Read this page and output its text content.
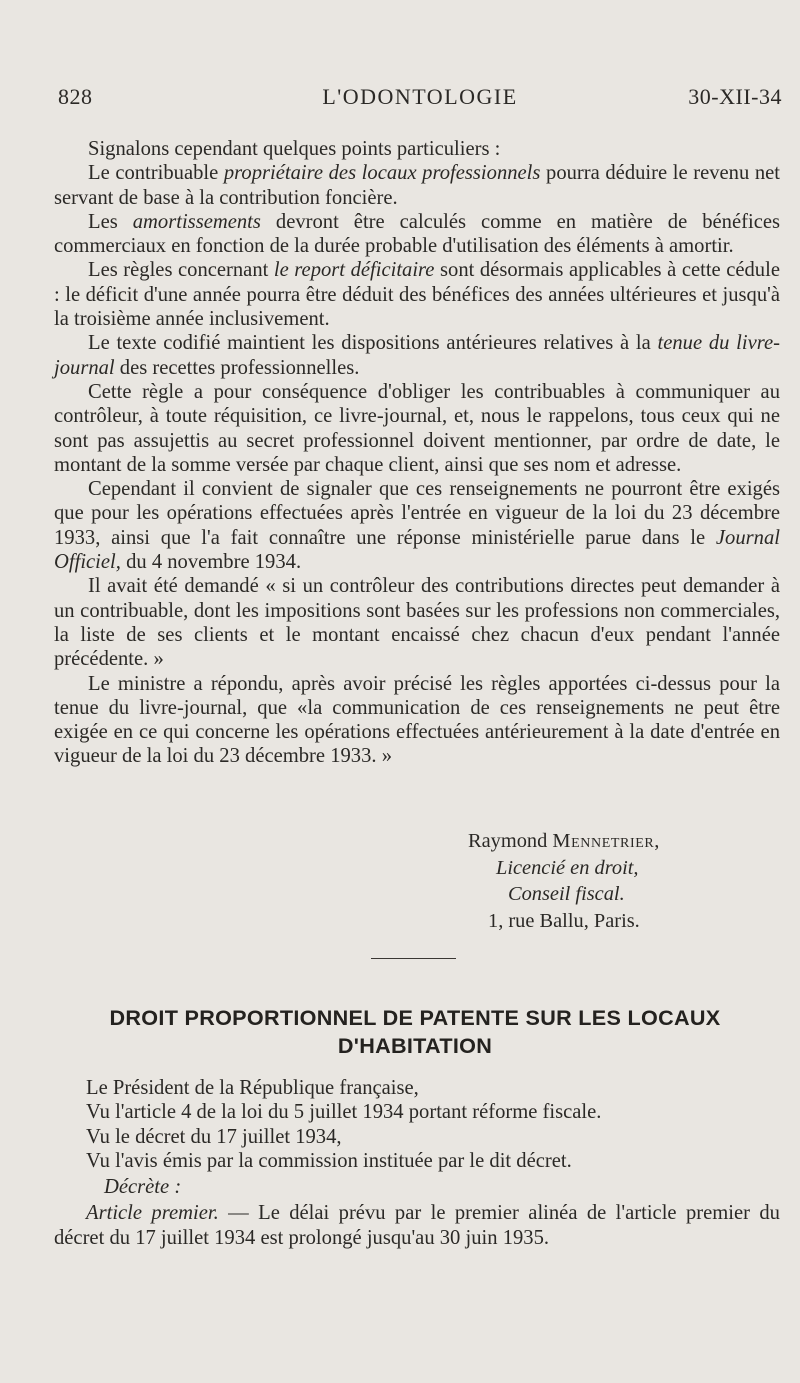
828	L'ODONTOLOGIE	30-XII-34

Signalons cependant quelques points particuliers :

Le contribuable propriétaire des locaux professionnels pourra déduire le revenu net servant de base à la contribution foncière.

Les amortissements devront être calculés comme en matière de bénéfices commerciaux en fonction de la durée probable d'utilisation des éléments à amortir.

Les règles concernant le report déficitaire sont désormais applicables à cette cédule : le déficit d'une année pourra être déduit des bénéfices des années ultérieures et jusqu'à la troisième année inclusivement.

Le texte codifié maintient les dispositions antérieures relatives à la tenue du livre-journal des recettes professionnelles.

Cette règle a pour conséquence d'obliger les contribuables à communiquer au contrôleur, à toute réquisition, ce livre-journal, et, nous le rappelons, tous ceux qui ne sont pas assujettis au secret professionnel doivent mentionner, par ordre de date, le montant de la somme versée par chaque client, ainsi que ses nom et adresse.

Cependant il convient de signaler que ces renseignements ne pourront être exigés que pour les opérations effectuées après l'entrée en vigueur de la loi du 23 décembre 1933, ainsi que l'a fait connaître une réponse ministérielle parue dans le Journal Officiel, du 4 novembre 1934.

Il avait été demandé « si un contrôleur des contributions directes peut demander à un contribuable, dont les impositions sont basées sur les professions non commerciales, la liste de ses clients et le montant encaissé chez chacun d'eux pendant l'année précédente. »

Le ministre a répondu, après avoir précisé les règles apportées ci-dessus pour la tenue du livre-journal, que «la communication de ces renseignements ne peut être exigée en ce qui concerne les opérations effectuées antérieurement à la date d'entrée en vigueur de la loi du 23 décembre 1933. »

Raymond Mennetrier,
Licencié en droit,
Conseil fiscal.
1, rue Ballu, Paris.
DROIT PROPORTIONNEL DE PATENTE SUR LES LOCAUX
D'HABITATION

Le Président de la République française,

Vu l'article 4 de la loi du 5 juillet 1934 portant réforme fiscale.

Vu le décret du 17 juillet 1934,

Vu l'avis émis par la commission instituée par le dit décret.

Décrète :

Article premier. — Le délai prévu par le premier alinéa de l'article premier du décret du 17 juillet 1934 est prolongé jusqu'au 30 juin 1935.
